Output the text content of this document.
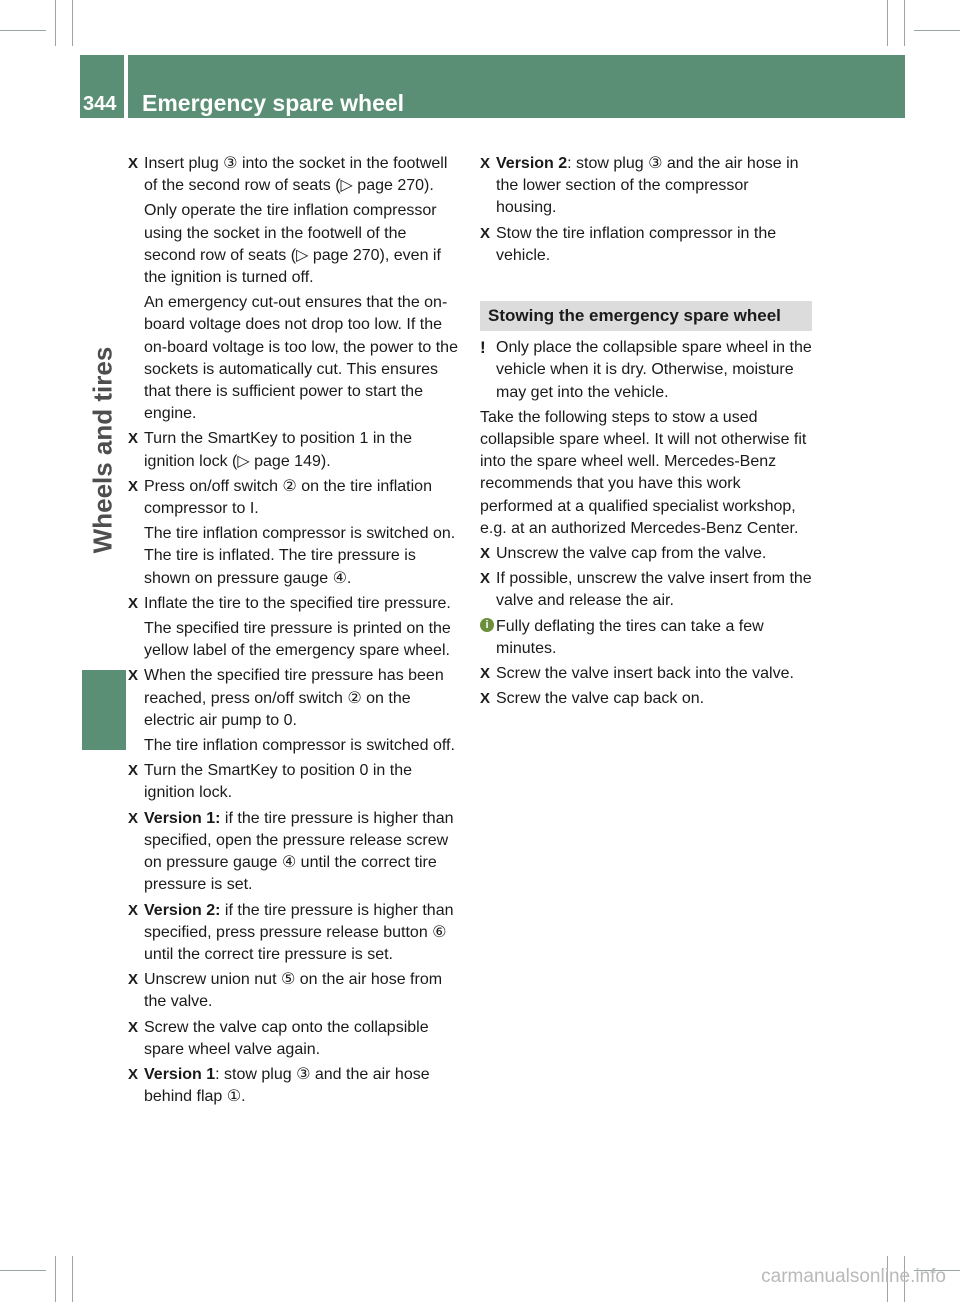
344 Emergency spare wheel
Wheels and tires
X Insert plug ③ into the socket in the footwell of the second row of seats (▷ page 270).
Only operate the tire inflation compressor using the socket in the footwell of the second row of seats (▷ page 270), even if the ignition is turned off.
An emergency cut-out ensures that the on-board voltage does not drop too low. If the on-board voltage is too low, the power to the sockets is automatically cut. This ensures that there is sufficient power to start the engine.
X Turn the SmartKey to position 1 in the ignition lock (▷ page 149).
X Press on/off switch ② on the tire inflation compressor to I.
The tire inflation compressor is switched on. The tire is inflated. The tire pressure is shown on pressure gauge ④.
X Inflate the tire to the specified tire pressure.
The specified tire pressure is printed on the yellow label of the emergency spare wheel.
X When the specified tire pressure has been reached, press on/off switch ② on the electric air pump to 0.
The tire inflation compressor is switched off.
X Turn the SmartKey to position 0 in the ignition lock.
X Version 1: if the tire pressure is higher than specified, open the pressure release screw on pressure gauge ④ until the correct tire pressure is set.
X Version 2: if the tire pressure is higher than specified, press pressure release button ⑥ until the correct tire pressure is set.
X Unscrew union nut ⑤ on the air hose from the valve.
X Screw the valve cap onto the collapsible spare wheel valve again.
X Version 1: stow plug ③ and the air hose behind flap ①.
X Version 2: stow plug ③ and the air hose in the lower section of the compressor housing.
X Stow the tire inflation compressor in the vehicle.
Stowing the emergency spare wheel
! Only place the collapsible spare wheel in the vehicle when it is dry. Otherwise, moisture may get into the vehicle.
Take the following steps to stow a used collapsible spare wheel. It will not otherwise fit into the spare wheel well. Mercedes-Benz recommends that you have this work performed at a qualified specialist workshop, e.g. at an authorized Mercedes-Benz Center.
X Unscrew the valve cap from the valve.
X If possible, unscrew the valve insert from the valve and release the air.
i Fully deflating the tires can take a few minutes.
X Screw the valve insert back into the valve.
X Screw the valve cap back on.
carmanualsonline.info
